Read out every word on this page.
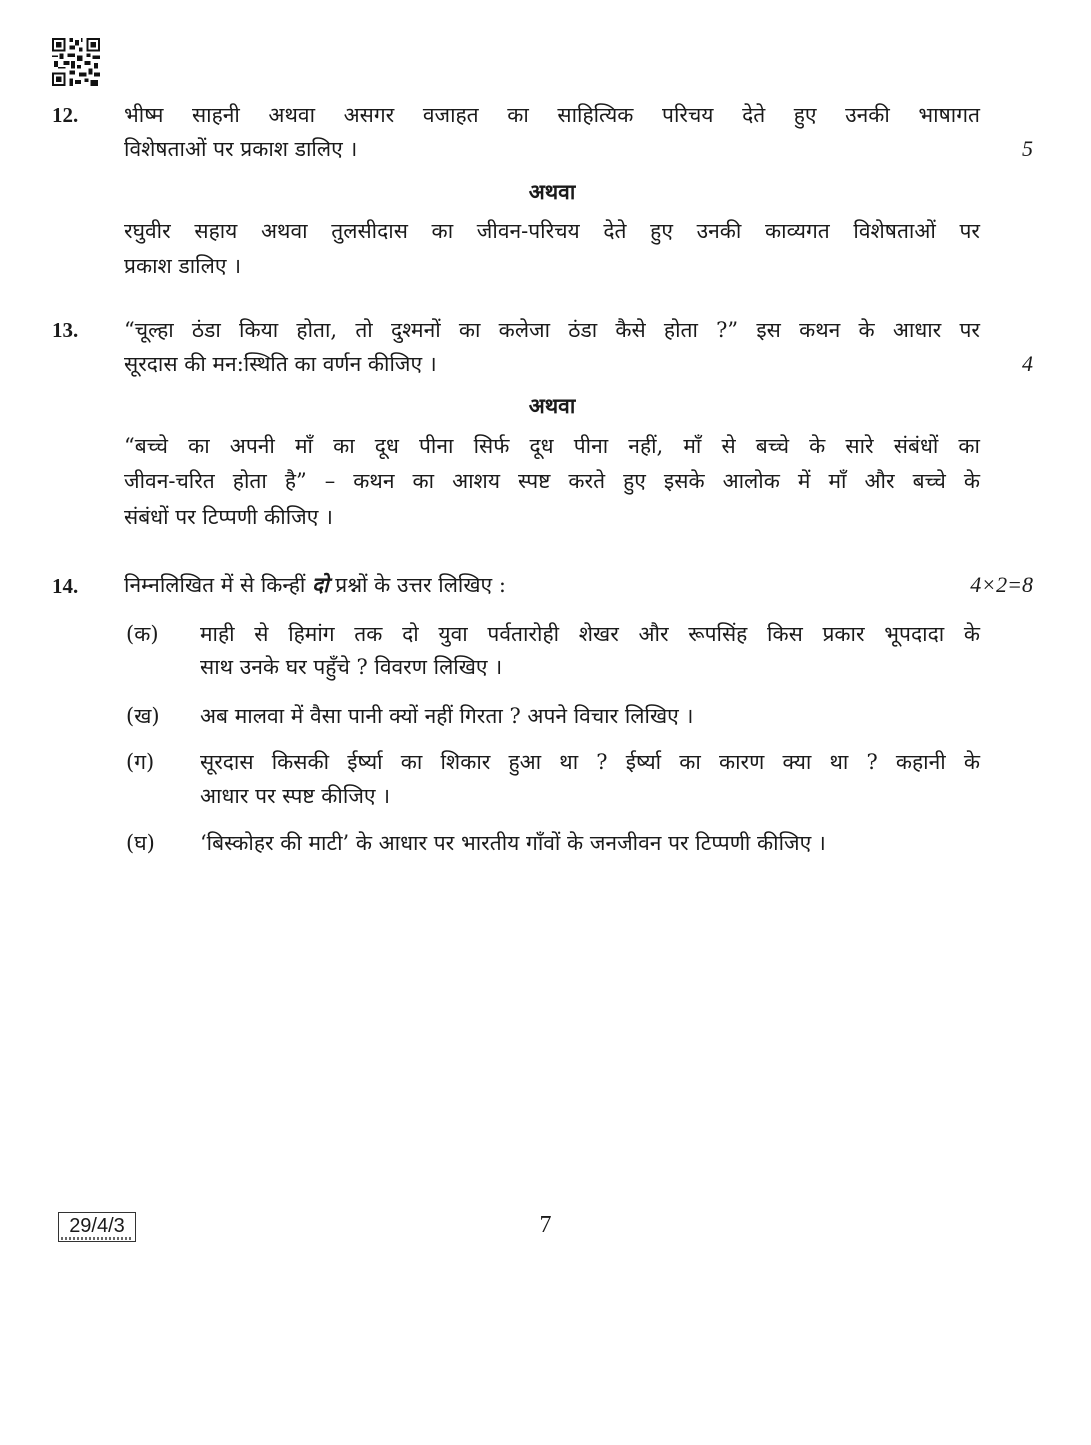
12. भीष्म साहनी अथवा असगर वजाहत का साहित्यिक परिचय देते हुए उनकी भाषागत
विशेषताओं पर प्रकाश डालिए ।	5
अथवा
रघुवीर सहाय अथवा तुलसीदास का जीवन-परिचय देते हुए उनकी काव्यगत विशेषताओं पर
प्रकाश डालिए ।
13. “चूल्हा ठंडा किया होता, तो दुश्मनों का कलेजा ठंडा कैसे होता ?” इस कथन के आधार पर
सूरदास की मन:स्थिति का वर्णन कीजिए ।	4
अथवा
“बच्चे का अपनी माँ का दूध पीना सिर्फ दूध पीना नहीं, माँ से बच्चे के सारे संबंधों का
जीवन-चरित होता है” – कथन का आशय स्पष्ट करते हुए इसके आलोक में माँ और बच्चे के
संबंधों पर टिप्पणी कीजिए ।
14. निम्नलिखित में से किन्हीं दो प्रश्नों के उत्तर लिखिए :	4×2=8
(क) माही से हिमांग तक दो युवा पर्वतारोही शेखर और रूपसिंह किस प्रकार भूपदादा के
साथ उनके घर पहुँचे ? विवरण लिखिए ।
(ख) अब मालवा में वैसा पानी क्यों नहीं गिरता ? अपने विचार लिखिए ।
(ग) सूरदास किसकी ईर्ष्या का शिकार हुआ था ? ईर्ष्या का कारण क्या था ? कहानी के
आधार पर स्पष्ट कीजिए ।
(घ) ‘बिस्कोहर की माटी’ के आधार पर भारतीय गाँवों के जनजीवन पर टिप्पणी कीजिए ।
29/4/3	7
